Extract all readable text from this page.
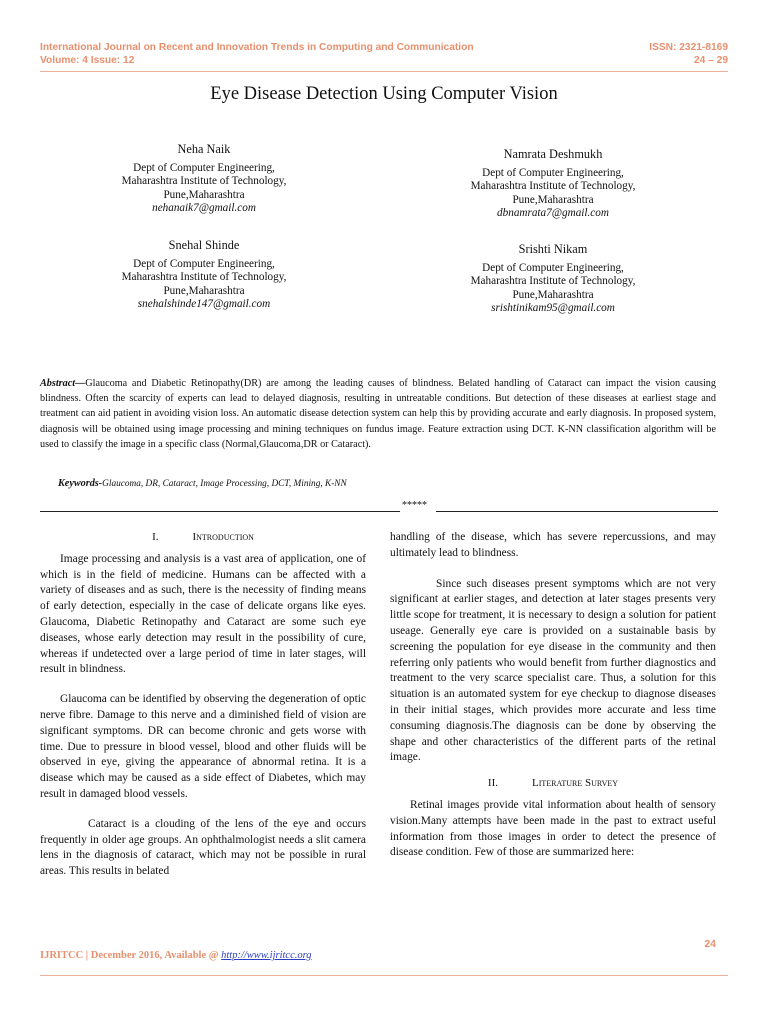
International Journal on Recent and Innovation Trends in Computing and Communication
Volume: 4 Issue: 12
ISSN: 2321-8169
24 – 29
Eye Disease Detection Using Computer Vision
Neha Naik
Dept of Computer Engineering,
Maharashtra Institute of Technology,
Pune,Maharashtra
nehanaik7@gmail.com
Namrata Deshmukh
Dept of Computer Engineering,
Maharashtra Institute of Technology,
Pune,Maharashtra
dbnamrata7@gmail.com
Snehal Shinde
Dept of Computer Engineering,
Maharashtra Institute of Technology,
Pune,Maharashtra
snehalshinde147@gmail.com
Srishti Nikam
Dept of Computer Engineering,
Maharashtra Institute of Technology,
Pune,Maharashtra
srishtinikam95@gmail.com
Abstract—Glaucoma and Diabetic Retinopathy(DR) are among the leading causes of blindness. Belated handling of Cataract can impact the vision causing blindness. Often the scarcity of experts can lead to delayed diagnosis, resulting in untreatable conditions. But detection of these diseases at earliest stage and treatment can aid patient in avoiding vision loss. An automatic disease detection system can help this by providing accurate and early diagnosis. In proposed system, diagnosis will be obtained using image processing and mining techniques on fundus image. Feature extraction using DCT. K-NN classification algorithm will be used to classify the image in a specific class (Normal,Glaucoma,DR or Cataract).
Keywords-Glaucoma, DR, Cataract, Image Processing, DCT, Mining, K-NN
*****
I.	Introduction

Image processing and analysis is a vast area of application, one of which is in the field of medicine. Humans can be affected with a variety of diseases and as such, there is the necessity of finding means of early detection, especially in the case of delicate organs like eyes. Glaucoma, Diabetic Retinopathy and Cataract are some such eye diseases, whose early detection may result in the possibility of cure, whereas if undetected over a large period of time in later stages, will result in blindness.

Glaucoma can be identified by observing the degeneration of optic nerve fibre. Damage to this nerve and a diminished field of vision are significant symptoms. DR can become chronic and gets worse with time. Due to pressure in blood vessel, blood and other fluids will be observed in eye, giving the appearance of abnormal retina. It is a disease which may be caused as a side effect of Diabetes, which may result in damaged blood vessels.

Cataract is a clouding of the lens of the eye and occurs frequently in older age groups. An ophthalmologist needs a slit camera lens in the diagnosis of cataract, which may not be possible in rural areas. This results in belated

handling of the disease, which has severe repercussions, and may ultimately lead to blindness.

Since such diseases present symptoms which are not very significant at earlier stages, and detection at later stages presents very little scope for treatment, it is necessary to design a solution for patient useage. Generally eye care is provided on a sustainable basis by screening the population for eye disease in the community and then referring only patients who would benefit from further diagnostics and treatment to the very scarce specialist care. Thus, a solution for this situation is an automated system for eye checkup to diagnose diseases in their initial stages, which provides more accurate and less time consuming diagnosis.The diagnosis can be done by observing the shape and other characteristics of the different parts of the retinal image.

II.	Literature Survey

Retinal images provide vital information about health of sensory vision.Many attempts have been made in the past to extract useful information from those images in order to detect the presence of disease condition. Few of those are summarized here:

24
IJRITCC | December 2016, Available @ http://www.ijritcc.org
